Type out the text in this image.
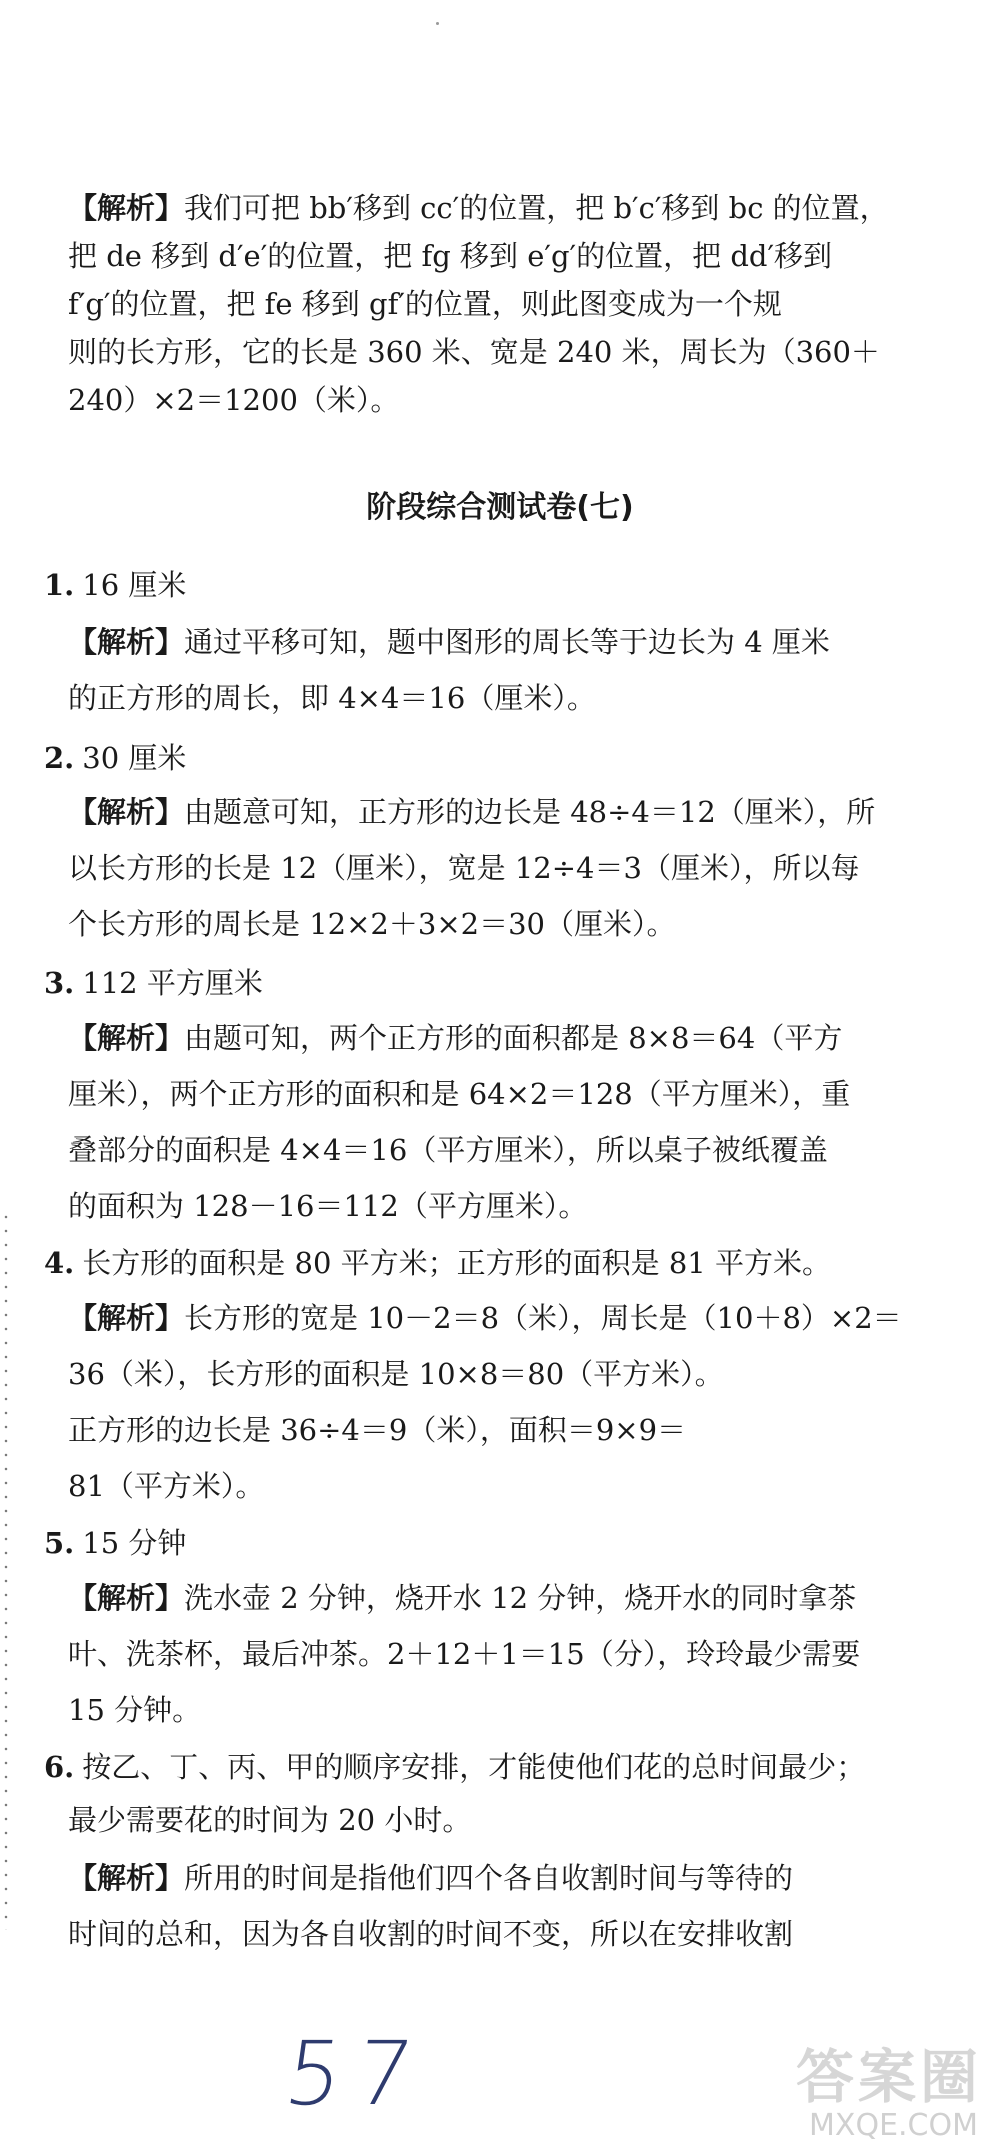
【解析】我们可把 bb′移到 cc′的位置，把 b′c′移到 bc 的位置，
把 de 移到 d′e′的位置，把 fg 移到 e′g′的位置，把 dd′移到
f′g′的位置，把 fe 移到 gf′的位置，则此图变成为一个规
则的长方形，它的长是 360 米、宽是 240 米，周长为（360＋
240）×2＝1200（米）。
阶段综合测试卷(七)
1. 16 厘米
【解析】通过平移可知，题中图形的周长等于边长为 4 厘米
的正方形的周长，即 4×4＝16（厘米）。
2. 30 厘米
【解析】由题意可知，正方形的边长是 48÷4＝12（厘米），所
以长方形的长是 12（厘米），宽是 12÷4＝3（厘米），所以每
个长方形的周长是 12×2＋3×2＝30（厘米）。
3. 112 平方厘米
【解析】由题可知，两个正方形的面积都是 8×8＝64（平方
厘米），两个正方形的面积和是 64×2＝128（平方厘米），重
叠部分的面积是 4×4＝16（平方厘米），所以桌子被纸覆盖
的面积为 128－16＝112（平方厘米）。
4. 长方形的面积是 80 平方米；正方形的面积是 81 平方米。
【解析】长方形的宽是 10－2＝8（米），周长是（10＋8）×2＝
36（米），长方形的面积是 10×8＝80（平方米）。
正方形的边长是 36÷4＝9（米），面积＝9×9＝
81（平方米）。
5. 15 分钟
【解析】洗水壶 2 分钟，烧开水 12 分钟，烧开水的同时拿茶
叶、洗茶杯，最后冲茶。2＋12＋1＝15（分），玲玲最少需要
15 分钟。
6. 按乙、丁、丙、甲的顺序安排，才能使他们花的总时间最少；
最少需要花的时间为 20 小时。
【解析】所用的时间是指他们四个各自收割时间与等待的
时间的总和，因为各自收割的时间不变，所以在安排收割
57	答案圈
MXQE.COM
